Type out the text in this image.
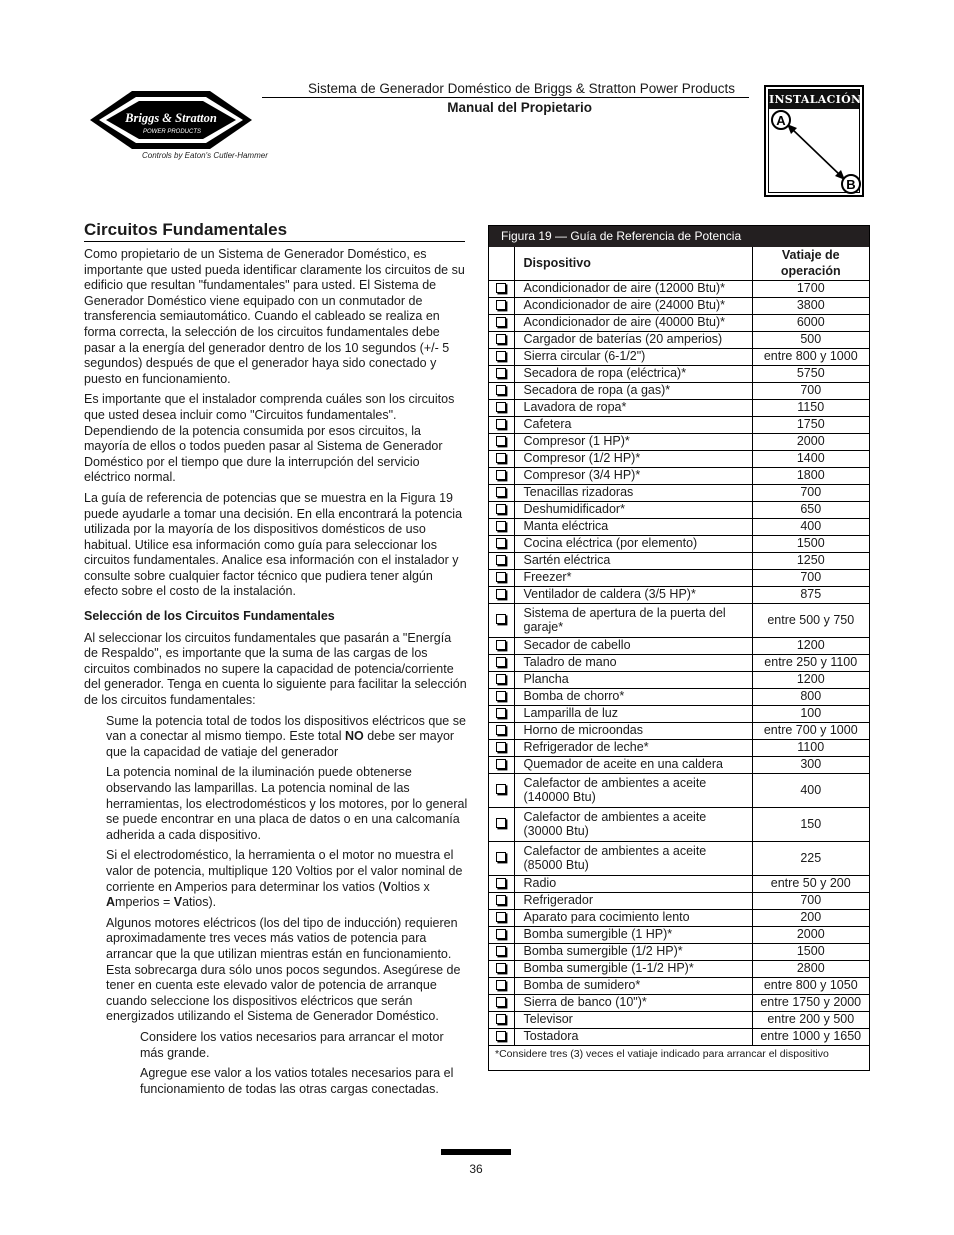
Briggs & Stratton
POWER PRODUCTS
Controls by Eaton's Cutler-Hammer
Sistema de Generador Doméstico de Briggs & Stratton Power Products
Manual del Propietario
INSTALACIÓN
A
B
Circuitos Fundamentales

Como propietario de un Sistema de Generador Doméstico, es importante que usted pueda identificar claramente los circuitos de su edificio que resultan "fundamentales" para usted. El Sistema de Generador Doméstico viene equipado con un conmutador de transferencia semiautomático. Cuando el cableado se realiza en forma correcta, la selección de los circuitos fundamentales debe pasar a la energía del generador dentro de los 10 segundos (+/- 5 segundos) después de que el generador haya sido conectado y puesto en funcionamiento.

Es importante que el instalador comprenda cuáles son los circuitos que usted desea incluir como "Circuitos fundamentales". Dependiendo de la potencia consumida por esos circuitos, la mayoría de ellos o todos pueden pasar al Sistema de Generador Doméstico por el tiempo que dure la interrupción del servicio eléctrico normal.

La guía de referencia de potencias que se muestra en la Figura 19 puede ayudarle a tomar una decisión. En ella encontrará la potencia utilizada por la mayoría de los dispositivos domésticos de uso habitual. Utilice esa información como guía para seleccionar los circuitos fundamentales. Analice esa información con el instalador y consulte sobre cualquier factor técnico que pudiera tener algún efecto sobre el costo de la instalación.

Selección de los Circuitos Fundamentales

Al seleccionar los circuitos fundamentales que pasarán a "Energía de Respaldo", es importante que la suma de las cargas de los circuitos combinados no supere la capacidad de potencia/corriente del generador. Tenga en cuenta lo siguiente para facilitar la selección de los circuitos fundamentales:

Sume la potencia total de todos los dispositivos eléctricos que se van a conectar al mismo tiempo. Este total NO debe ser mayor que la capacidad de vatiaje del generador

La potencia nominal de la iluminación puede obtenerse observando las lamparillas. La potencia nominal de las herramientas, los electrodomésticos y los motores, por lo general se puede encontrar en una placa de datos o en una calcomanía adherida a cada dispositivo.

Si el electrodoméstico, la herramienta o el motor no muestra el valor de potencia, multiplique 120 Voltios por el valor nominal de corriente en Amperios para determinar los vatios (Voltios x Amperios = Vatios).

Algunos motores eléctricos (los del tipo de inducción) requieren aproximadamente tres veces más vatios de potencia para arrancar que la que utilizan mientras están en funcionamiento. Esta sobrecarga dura sólo unos pocos segundos. Asegúrese de tener en cuenta este elevado valor de potencia de arranque cuando seleccione los dispositivos eléctricos que serán energizados utilizando el Sistema de Generador Doméstico.

Considere los vatios necesarios para arrancar el motor más grande.

Agregue ese valor a los vatios totales necesarios para el funcionamiento de todas las otras cargas conectadas.

Figura 19 — Guía de Referencia de Potencia
	Dispositivo	Vatiaje de operación
	Acondicionador de aire (12000 Btu)*	1700
	Acondicionador de aire (24000 Btu)*	3800
	Acondicionador de aire (40000 Btu)*	6000
	Cargador de baterías (20 amperios)	500
	Sierra circular (6-1/2")	entre 800 y 1000
	Secadora de ropa (eléctrica)*	5750
	Secadora de ropa (a gas)*	700
	Lavadora de ropa*	1150
	Cafetera	1750
	Compresor (1 HP)*	2000
	Compresor (1/2 HP)*	1400
	Compresor (3/4 HP)*	1800
	Tenacillas rizadoras	700
	Deshumidificador*	650
	Manta eléctrica	400
	Cocina eléctrica (por elemento)	1500
	Sartén eléctrica	1250
	Freezer*	700
	Ventilador de caldera (3/5 HP)*	875
	Sistema de apertura de la puerta del garaje*	entre 500 y 750
	Secador de cabello	1200
	Taladro de mano	entre 250 y 1100
	Plancha	1200
	Bomba de chorro*	800
	Lamparilla de luz	100
	Horno de microondas	entre 700 y 1000
	Refrigerador de leche*	1100
	Quemador de aceite en una caldera	300
	Calefactor de ambientes a aceite (140000 Btu)	400
	Calefactor de ambientes a aceite (30000 Btu)	150
	Calefactor de ambientes a aceite (85000 Btu)	225
	Radio	entre 50 y 200
	Refrigerador	700
	Aparato para cocimiento lento	200
	Bomba sumergible (1 HP)*	2000
	Bomba sumergible (1/2 HP)*	1500
	Bomba sumergible (1-1/2 HP)*	2800
	Bomba de sumidero*	entre 800 y 1050
	Sierra de banco (10")*	entre 1750 y 2000
	Televisor	entre 200 y 500
	Tostadora	entre 1000 y 1650
*Considere tres (3) veces el vatiaje indicado para arrancar el dispositivo
36
